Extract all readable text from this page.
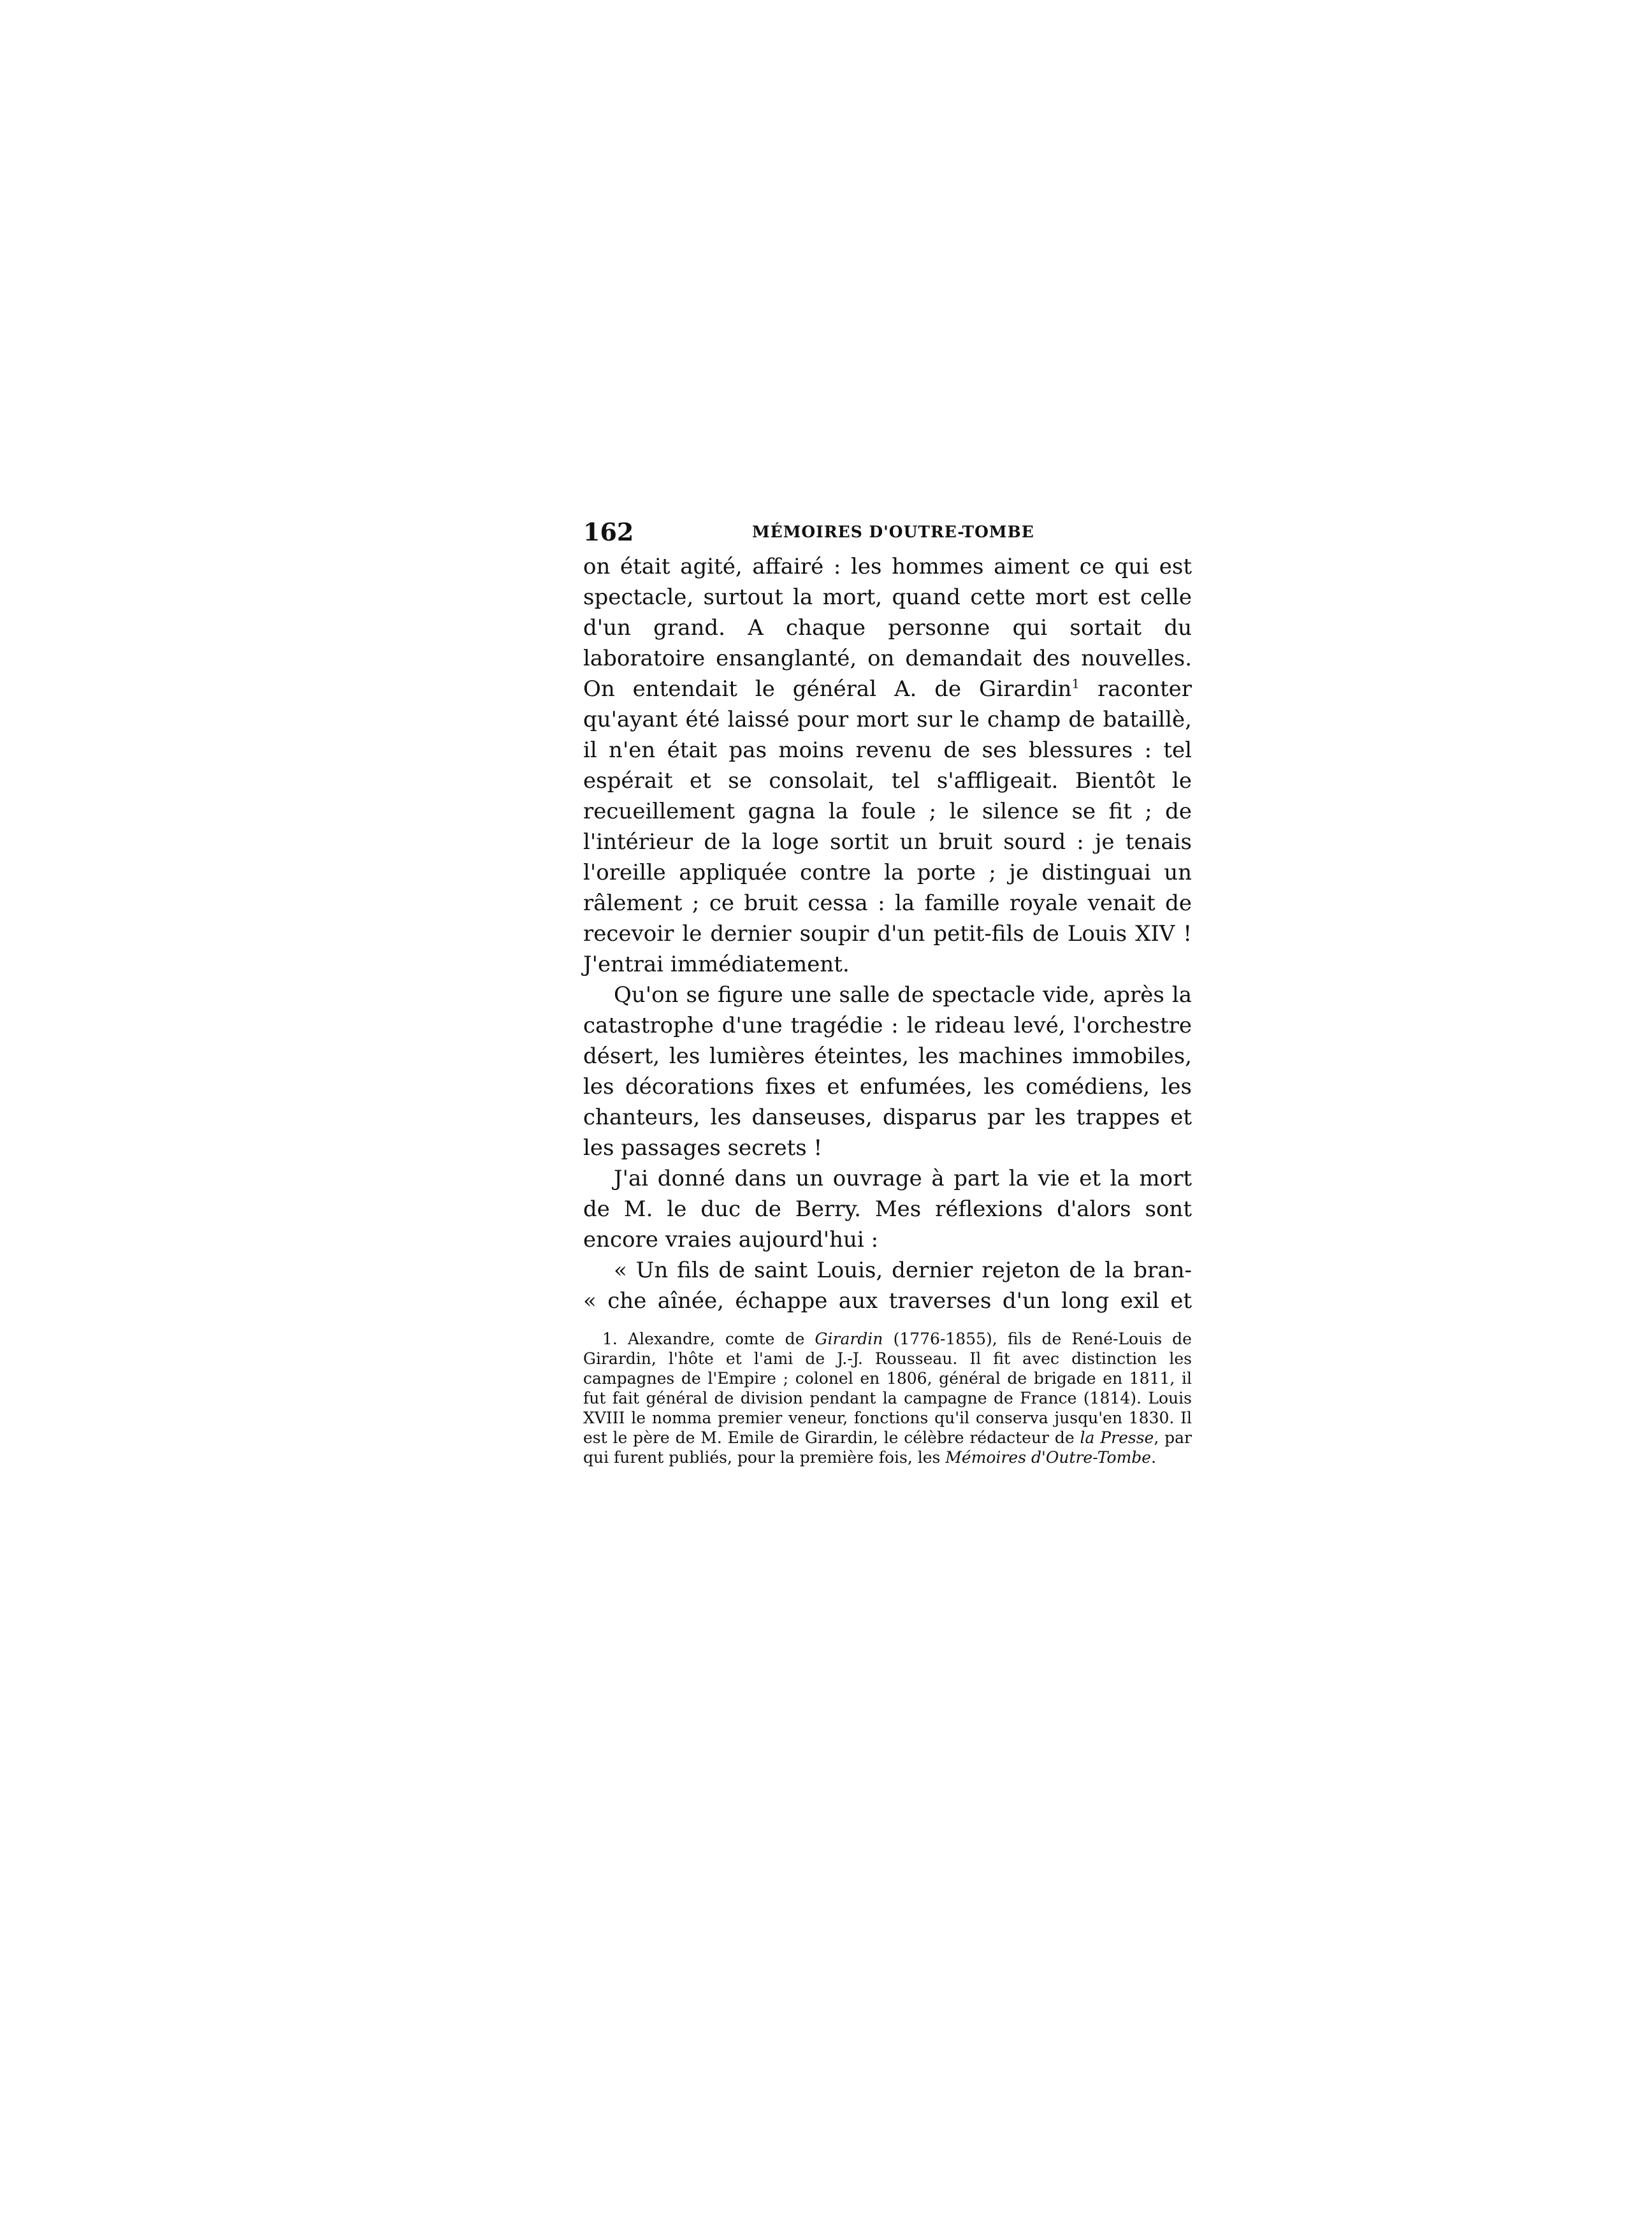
162	MÉMOIRES D'OUTRE-TOMBE

on était agité, affairé : les hommes aiment ce qui est spectacle, surtout la mort, quand cette mort est celle d'un grand. A chaque personne qui sortait du laboratoire ensanglanté, on demandait des nouvelles. On entendait le général A. de Girardin$^1$ raconter qu'ayant été laissé pour mort sur le champ de bataillè, il n'en était pas moins revenu de ses blessures : tel espérait et se consolait, tel s'affligeait. Bientôt le recueillement gagna la foule ; le silence se fit ; de l'intérieur de la loge sortit un bruit sourd : je tenais l'oreille appliquée contre la porte ; je distinguai un râlement ; ce bruit cessa : la famille royale venait de recevoir le dernier soupir d'un petit-fils de Louis XIV ! J'entrai immédiatement.

Qu'on se figure une salle de spectacle vide, après la catastrophe d'une tragédie : le rideau levé, l'orchestre désert, les lumières éteintes, les machines immobiles, les décorations fixes et enfumées, les comédiens, les chanteurs, les danseuses, disparus par les trappes et les passages secrets !

J'ai donné dans un ouvrage à part la vie et la mort de M. le duc de Berry. Mes réflexions d'alors sont encore vraies aujourd'hui :

« Un fils de saint Louis, dernier rejeton de la bran-
« che aînée, échappe aux traverses d'un long exil et

1. Alexandre, comte de Girardin (1776-1855), fils de René-Louis de Girardin, l'hôte et l'ami de J.-J. Rousseau. Il fit avec distinction les campagnes de l'Empire ; colonel en 1806, général de brigade en 1811, il fut fait général de division pendant la campagne de France (1814). Louis XVIII le nomma premier veneur, fonctions qu'il conserva jusqu'en 1830. Il est le père de M. Emile de Girardin, le célèbre rédacteur de la Presse, par qui furent publiés, pour la première fois, les Mémoires d'Outre-Tombe.
